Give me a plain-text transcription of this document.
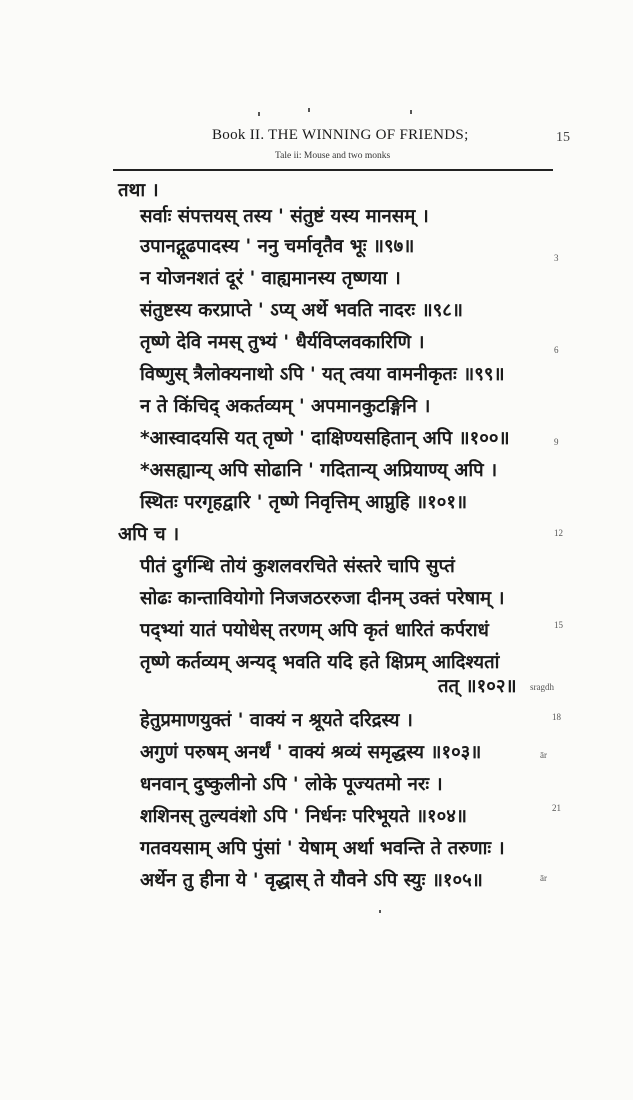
Book II. THE WINNING OF FRIENDS;	15
Tale ii: Mouse and two monks
तथा ।
सर्वाः संपत्तयस् तस्य ' संतुष्टं यस्य मानसम् ।
उपानद्गूढपादस्य ' ननु चर्मावृतैव भूः ॥९७॥
न योजनशतं दूरं ' वाह्यमानस्य तृष्णया ।
संतुष्टस्य करप्राप्ते ' ऽप्य् अर्थे भवति नादरः ॥९८॥
तृष्णे देवि नमस् तुभ्यं ' धैर्यविप्लवकारिणि ।
विष्णुस् त्रैलोक्यनाथो ऽपि ' यत् त्वया वामनीकृतः ॥९९॥
न ते किंचिद् अकर्तव्यम् ' अपमानकुटङ्गिनि ।
*आस्वादयसि यत् तृष्णे ' दाक्षिण्यसहितान् अपि ॥१००॥
*असह्यान्य् अपि सोढानि ' गदितान्य् अप्रियाण्य् अपि ।
स्थितः परगृहद्वारि ' तृष्णे निवृत्तिम् आप्नुहि ॥१०१॥
अपि च ।
पीतं दुर्गन्धि तोयं कुशलवरचिते संस्तरे चापि सुप्तं
सोढः कान्तावियोगो निजजठररुजा दीनम् उक्तं परेषाम् ।
पद्भ्यां यातं पयोधेस् तरणम् अपि कृतं धारितं कर्पराधं
तृष्णे कर्तव्यम् अन्यद् भवति यदि हते क्षिप्रम् आदिश्यतां
तत् ॥१०२॥
हेतुप्रमाणयुक्तं ' वाक्यं न श्रूयते दरिद्रस्य ।
अगुणं परुषम् अनर्थं ' वाक्यं श्रव्यं समृद्धस्य ॥१०३॥
धनवान् दुष्कुलीनो ऽपि ' लोके पूज्यतमो नरः ।
शशिनस् तुल्यवंशो ऽपि ' निर्धनः परिभूयते ॥१०४॥
गतवयसाम् अपि पुंसां ' येषाम् अर्था भवन्ति ते तरुणाः ।
अर्थेन तु हीना ये ' वृद्धास् ते यौवने ऽपि स्युः ॥१०५॥
3
6
9
12
15
sragdh
18
ār
21
ār
